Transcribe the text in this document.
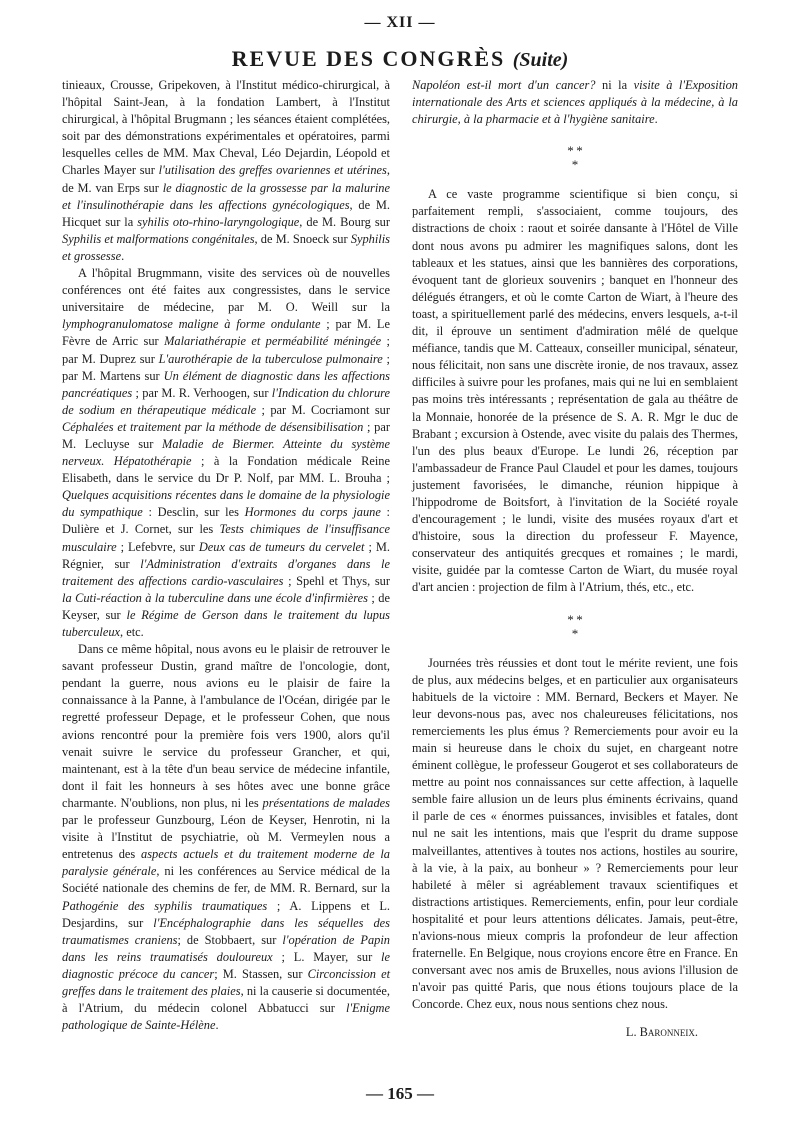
— XII —
REVUE DES CONGRÈS (Suite)

tinieaux, Crousse, Gripekoven, à l'Institut médico-chirurgical, à l'hôpital Saint-Jean, à la fondation Lambert, à l'Institut chirurgical, à l'hôpital Brugmann ; les séances étaient complétées, soit par des démonstrations expérimentales et opératoires, parmi lesquelles celles de MM. Max Cheval, Léo Dejardin, Léopold et Charles Mayer sur l'utilisation des greffes ovariennes et utérines, de M. van Erps sur le diagnostic de la grossesse par la malurine et l'insulinothérapie dans les affections gynécologiques, de M. Hicquet sur la syhilis oto-rhino-laryngologique, de M. Bourg sur Syphilis et malformations congénitales, de M. Snoeck sur Syphilis et grossesse.

A l'hôpital Brugmmann, visite des services où de nouvelles conférences ont été faites aux congressistes, dans le service universitaire de médecine, par M. O. Weill sur la lymphogranulomatose maligne à forme ondulante ; par M. Le Fèvre de Arric sur Malariathérapie et perméabilité méningée ; par M. Duprez sur L'aurothérapie de la tuberculose pulmonaire ; par M. Martens sur Un élément de diagnostic dans les affections pancréatiques ; par M. R. Verhoogen, sur l'Indication du chlorure de sodium en thérapeutique médicale ; par M. Cocriamont sur Céphalées et traitement par la méthode de désensibilisation ; par M. Lecluyse sur Maladie de Biermer. Atteinte du système nerveux. Hépatothérapie ; à la Fondation médicale Reine Elisabeth, dans le service du Dr P. Nolf, par MM. L. Brouha ; Quelques acquisitions récentes dans le domaine de la physiologie du sympathique : Desclin, sur les Hormones du corps jaune : Dulière et J. Cornet, sur les Tests chimiques de l'insuffisance musculaire ; Lefebvre, sur Deux cas de tumeurs du cervelet ; M. Régnier, sur l'Administration d'extraits d'organes dans le traitement des affections cardio-vasculaires ; Spehl et Thys, sur la Cuti-réaction à la tuberculine dans une école d'infirmières ; de Keyser, sur le Régime de Gerson dans le traitement du lupus tuberculeux, etc.

Dans ce même hôpital, nous avons eu le plaisir de retrouver le savant professeur Dustin, grand maître de l'oncologie, dont, pendant la guerre, nous avions eu le plaisir de faire la connaissance à la Panne, à l'ambulance de l'Océan, dirigée par le regretté professeur Depage, et le professeur Cohen, que nous avions rencontré pour la première fois vers 1900, alors qu'il venait suivre le service du professeur Grancher, et qui, maintenant, est à la tête d'un beau service de médecine infantile, dont il fait les honneurs à ses hôtes avec une bonne grâce charmante. N'oublions, non plus, ni les présentations de malades par le professeur Gunzbourg, Léon de Keyser, Henrotin, ni la visite à l'Institut de psychiatrie, où M. Vermeylen nous a entretenus des aspects actuels et du traitement moderne de la paralysie générale, ni les conférences au Service médical de la Société nationale des chemins de fer, de MM. R. Bernard, sur la Pathogénie des syphilis traumatiques ; A. Lippens et L. Desjardins, sur l'Encéphalographie dans les séquelles des traumatismes craniens; de Stobbaert, sur l'opération de Papin dans les reins traumatisés douloureux ; L. Mayer, sur le diagnostic précoce du cancer; M. Stassen, sur Circoncission et greffes dans le traitement des plaies, ni la causerie si documentée, à l'Atrium, du médecin colonel Abbatucci sur l'Enigme pathologique de Sainte-Hélène.

Napoléon est-il mort d'un cancer? ni la visite à l'Exposition internationale des Arts et sciences appliqués à la médecine, à la chirurgie, à la pharmacie et à l'hygiène sanitaire.

* *
*

A ce vaste programme scientifique si bien conçu, si parfaitement rempli, s'associaient, comme toujours, des distractions de choix : raout et soirée dansante à l'Hôtel de Ville dont nous avons pu admirer les magnifiques salons, dont les tableaux et les statues, ainsi que les bannières des corporations, évoquent tant de glorieux souvenirs ; banquet en l'honneur des délégués étrangers, et où le comte Carton de Wiart, à l'heure des toast, a spirituellement parlé des médecins, envers lesquels, a-t-il dit, il éprouve un sentiment d'admiration mêlé de quelque méfiance, tandis que M. Catteaux, conseiller municipal, sénateur, nous félicitait, non sans une discrète ironie, de nos travaux, assez difficiles à suivre pour les profanes, mais qui ne lui en semblaient pas moins très intéressants ; représentation de gala au théâtre de la Monnaie, honorée de la présence de S. A. R. Mgr le duc de Brabant ; excursion à Ostende, avec visite du palais des Thermes, l'un des plus beaux d'Europe. Le lundi 26, réception par l'ambassadeur de France Paul Claudel et pour les dames, toujours justement favorisées, le dimanche, réunion hippique à l'hippodrome de Boitsfort, à l'invitation de la Société royale d'encouragement ; le lundi, visite des musées royaux d'art et d'histoire, sous la direction du professeur F. Mayence, conservateur des antiquités grecques et romaines ; le mardi, visite, guidée par la comtesse Carton de Wiart, du musée royal d'art ancien : projection de film à l'Atrium, thés, etc., etc.

* *
*

Journées très réussies et dont tout le mérite revient, une fois de plus, aux médecins belges, et en particulier aux organisateurs habituels de la victoire : MM. Bernard, Beckers et Mayer. Ne leur devons-nous pas, avec nos chaleureuses félicitations, nos remerciements les plus émus ? Remerciements pour avoir eu la main si heureuse dans le choix du sujet, en chargeant notre éminent collègue, le professeur Gougerot et ses collaborateurs de mettre au point nos connaissances sur cette affection, à laquelle semble faire allusion un de leurs plus éminents écrivains, quand il parle de ces « énormes puissances, invisibles et fatales, dont nul ne sait les intentions, mais que l'esprit du drame suppose malveillantes, attentives à toutes nos actions, hostiles au sourire, à la vie, à la paix, au bonheur » ? Remerciements pour leur habileté à mêler si agréablement travaux scientifiques et distractions artistiques. Remerciements, enfin, pour leur cordiale hospitalité et pour leurs attentions délicates. Jamais, peut-être, n'avions-nous mieux compris la profondeur de leur affection fraternelle. En Belgique, nous croyions encore être en France. En conversant avec nos amis de Bruxelles, nous avions l'illusion de n'avoir pas quitté Paris, que nous étions toujours place de la Concorde. Chez eux, nous nous sentions chez nous.

L. Baronneix.

— 165 —
